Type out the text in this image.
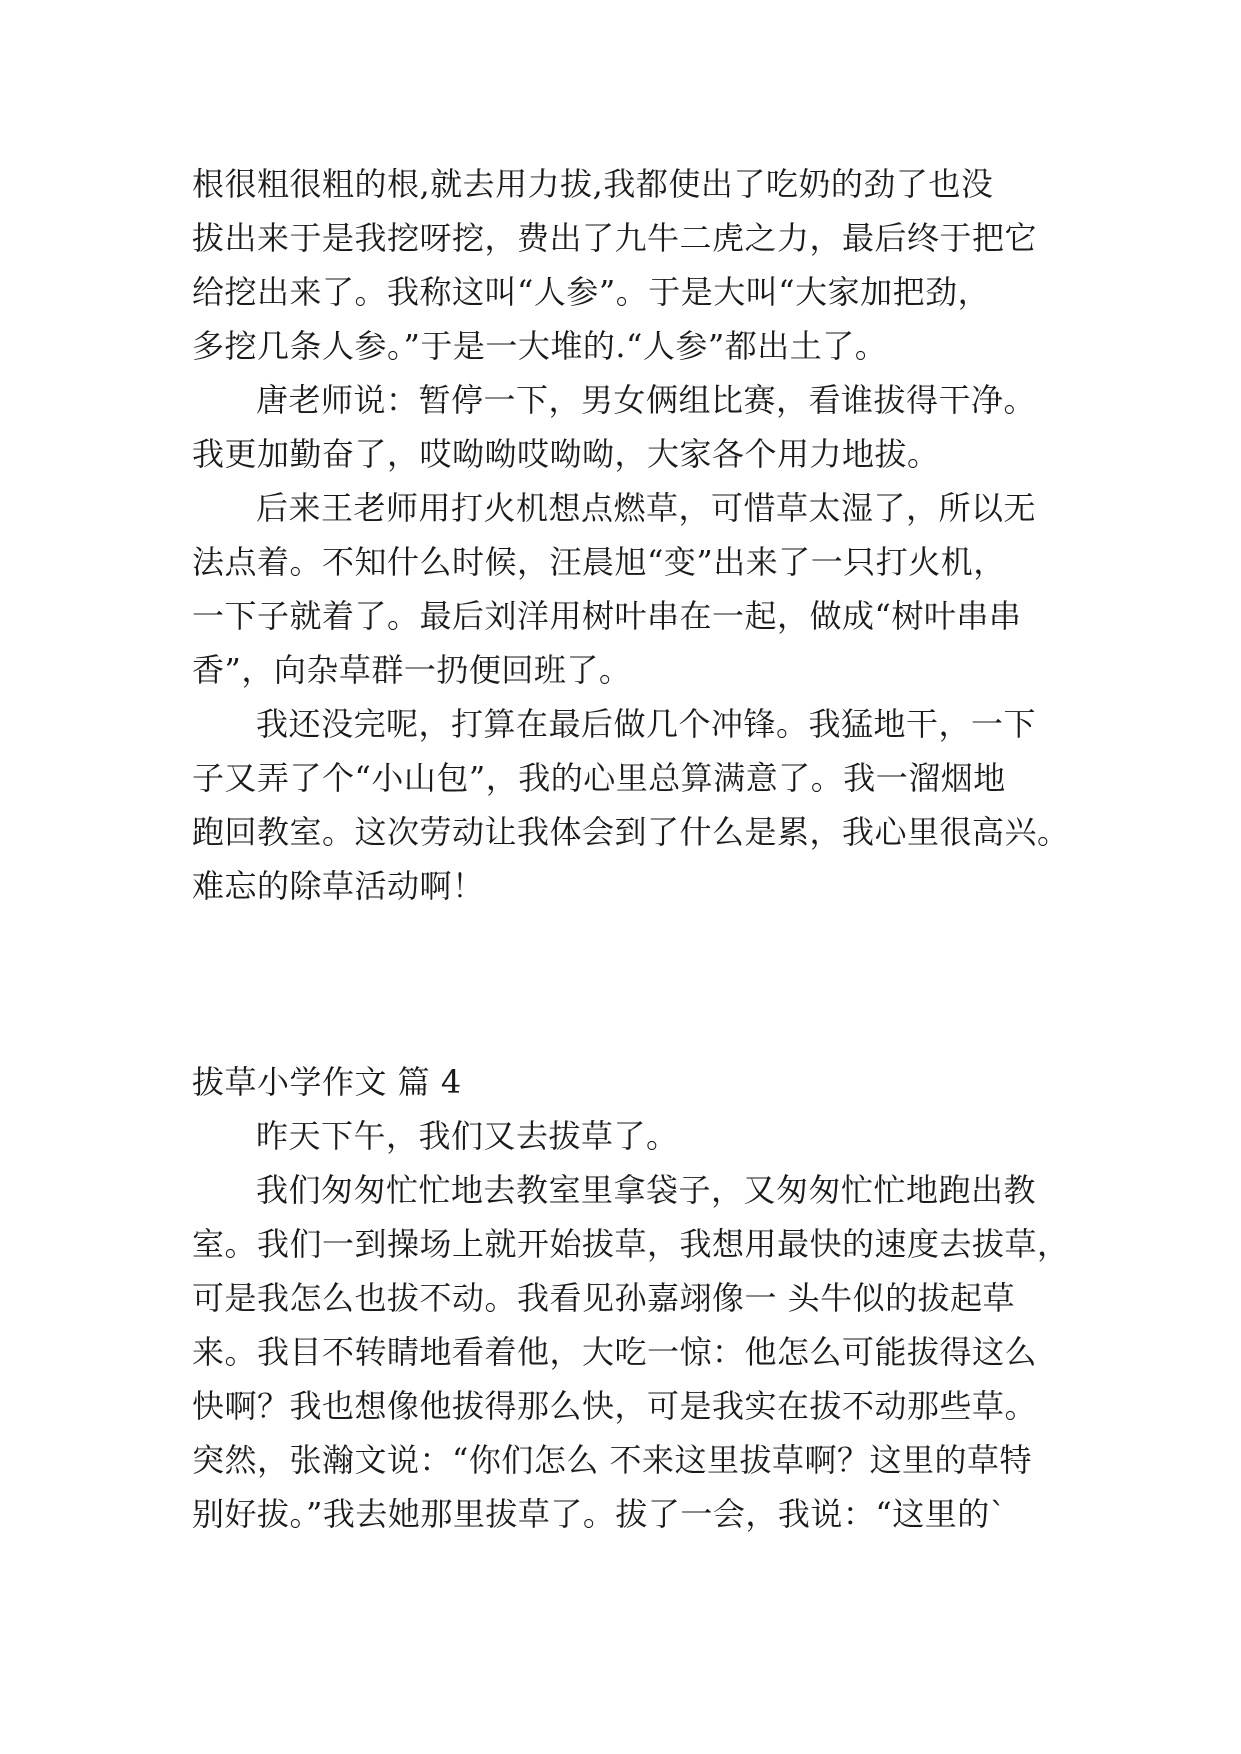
根很粗很粗的根,就去用力拔,我都使出了吃奶的劲了也没
拔出来于是我挖呀挖，费出了九牛二虎之力，最后终于把它
给挖出来了。我称这叫“人参”。于是大叫“大家加把劲，
多挖几条人参。”于是一大堆的.“人参”都出土了。
唐老师说：暂停一下，男女俩组比赛，看谁拔得干净。
我更加勤奋了，哎呦呦哎呦呦，大家各个用力地拔。
后来王老师用打火机想点燃草，可惜草太湿了，所以无
法点着。不知什么时候，汪晨旭“变”出来了一只打火机，
一下子就着了。最后刘洋用树叶串在一起，做成“树叶串串
香”，向杂草群一扔便回班了。
我还没完呢，打算在最后做几个冲锋。我猛地干，一下
子又弄了个“小山包”，我的心里总算满意了。我一溜烟地
跑回教室。这次劳动让我体会到了什么是累，我心里很高兴。
难忘的除草活动啊！
拔草小学作文 篇 4
昨天下午，我们又去拔草了。
我们匆匆忙忙地去教室里拿袋子，又匆匆忙忙地跑出教
室。我们一到操场上就开始拔草，我想用最快的速度去拔草，
可是我怎么也拔不动。我看见孙嘉翊像一 头牛似的拔起草
来。我目不转睛地看着他，大吃一惊：他怎么可能拔得这么
快啊？我也想像他拔得那么快，可是我实在拔不动那些草。
突然，张瀚文说：“你们怎么 不来这里拔草啊？这里的草特
别好拔。”我去她那里拔草了。拔了一会，我说：“这里的`
